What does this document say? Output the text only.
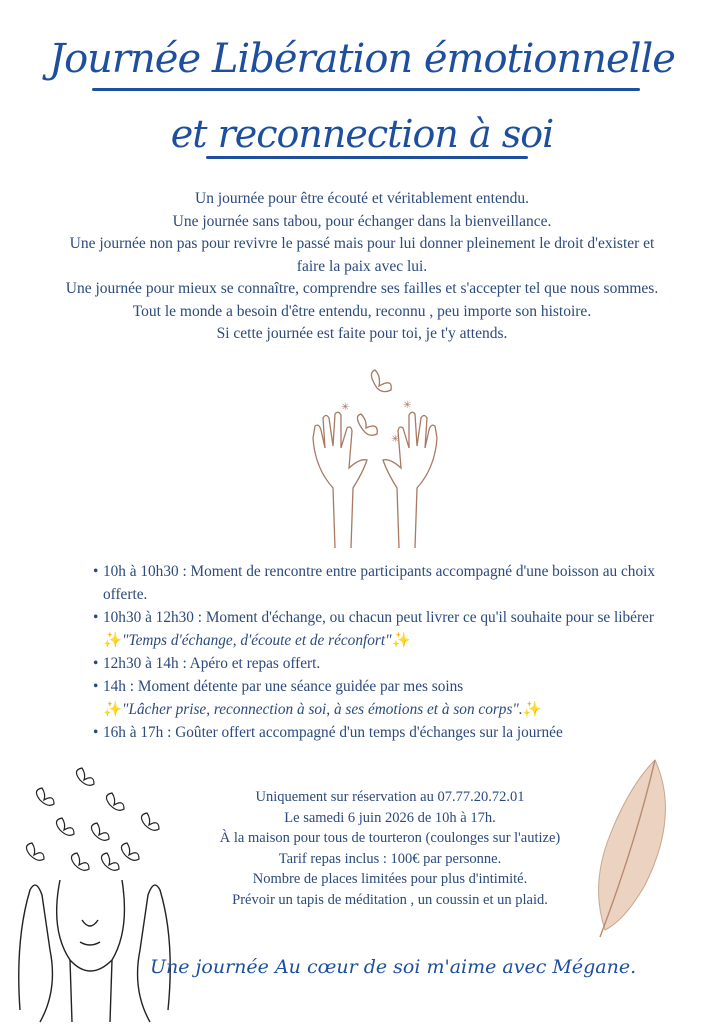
Journée Libération émotionnelle
et reconnection à soi
Un journée pour être écouté et véritablement entendu.
Une journée sans tabou, pour échanger dans la bienveillance.
Une journée non pas pour revivre le passé mais pour lui donner pleinement le droit d'exister et faire la paix avec lui.
Une journée pour mieux se connaître, comprendre ses failles et s'accepter tel que nous sommes.
Tout le monde a besoin d'être entendu, reconnu , peu importe son histoire.
Si cette journée est faite pour toi, je t'y attends.
✳	✳
✳
• 10h à 10h30 : Moment de rencontre entre participants accompagné d'une boisson au choix offerte.
• 10h30 à 12h30 : Moment d'échange, ou chacun peut livrer ce qu'il souhaite pour se libérer ✨"Temps d'échange, d'écoute et de réconfort"✨
• 12h30 à 14h : Apéro et repas offert.
• 14h : Moment détente par une séance guidée par mes soins
✨"Lâcher prise, reconnection à soi, à ses émotions et à son corps".✨
• 16h à 17h : Goûter offert accompagné d'un temps d'échanges sur la journée
Uniquement sur réservation au 07.77.20.72.01
Le samedi 6 juin 2026 de 10h à 17h.
À la maison pour tous de tourteron (coulonges sur l'autize)
Tarif repas inclus : 100€ par personne.
Nombre de places limitées pour plus d'intimité.
Prévoir un tapis de méditation , un coussin et un plaid.
Une journée Au cœur de soi m'aime avec Mégane.
